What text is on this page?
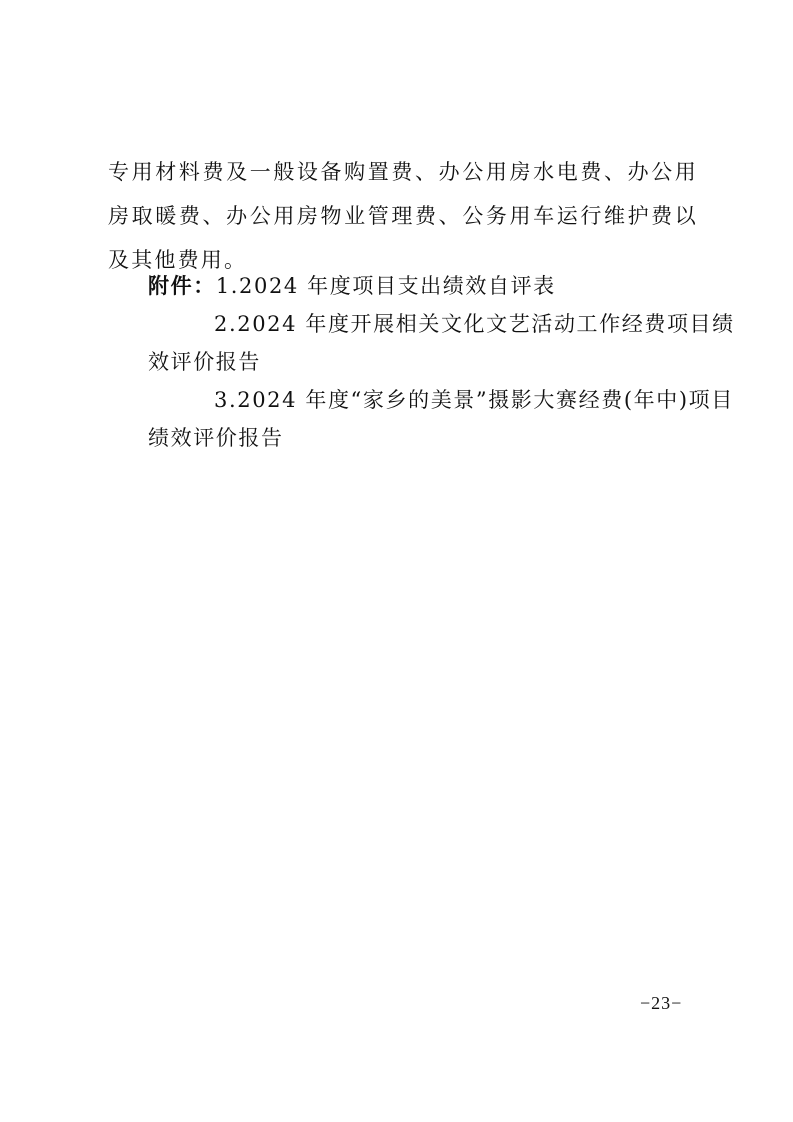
专用材料费及一般设备购置费、办公用房水电费、办公用房取暖费、办公用房物业管理费、公务用车运行维护费以及其他费用。

附件：1.2024 年度项目支出绩效自评表

2.2024 年度开展相关文化文艺活动工作经费项目绩

效评价报告

3.2024 年度“家乡的美景”摄影大赛经费(年中)项目

绩效评价报告

−23−
